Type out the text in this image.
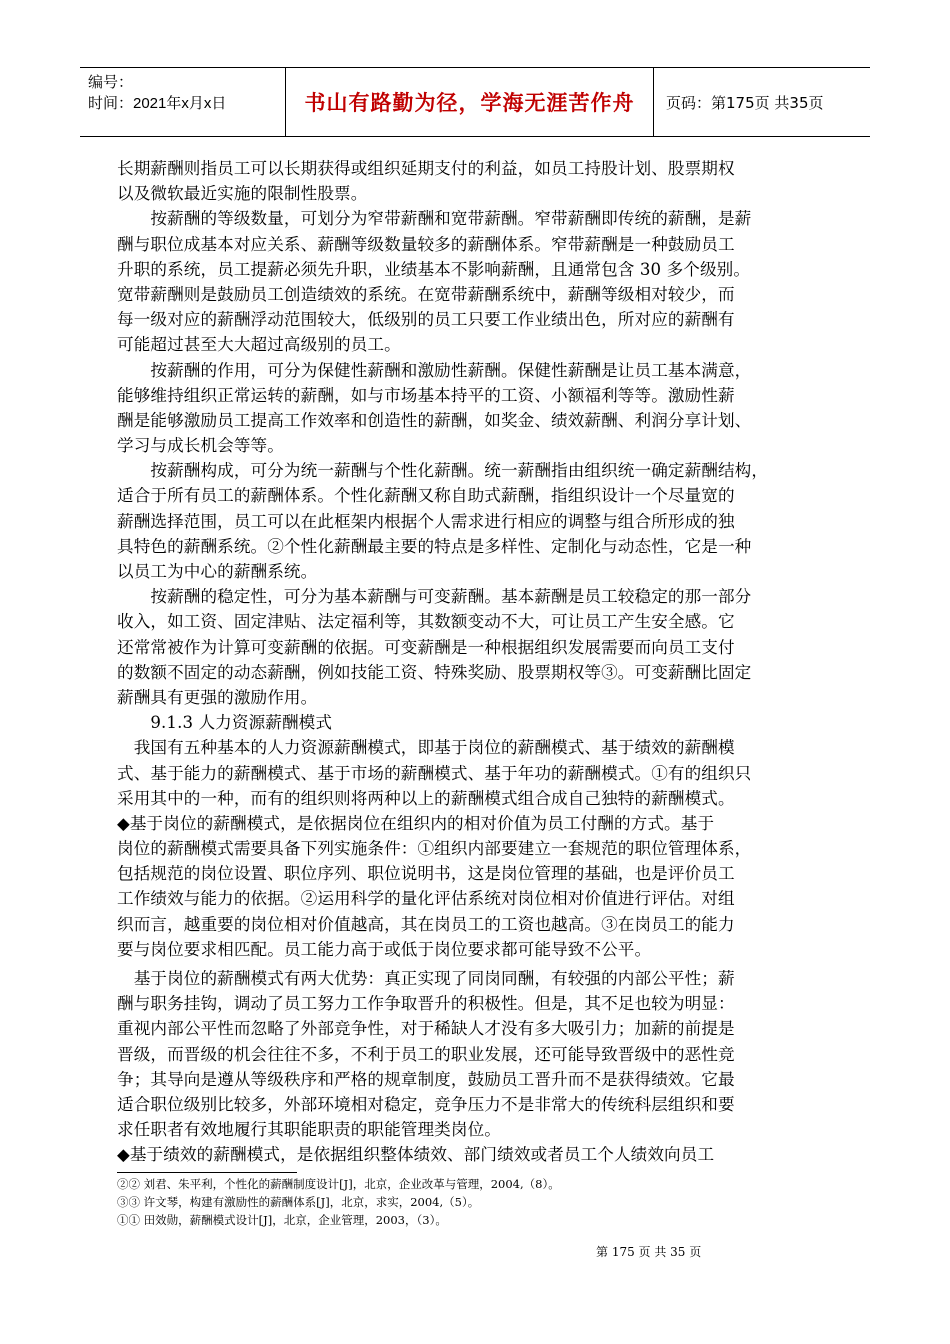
编号：
时间：2021年x月x日	书山有路勤为径，学海无涯苦作舟	页码：第175页 共35页
长期薪酬则指员工可以长期获得或组织延期支付的利益，如员工持股计划、股票期权
以及微软最近实施的限制性股票。
　　按薪酬的等级数量，可划分为窄带薪酬和宽带薪酬。窄带薪酬即传统的薪酬，是薪
酬与职位成基本对应关系、薪酬等级数量较多的薪酬体系。窄带薪酬是一种鼓励员工
升职的系统，员工提薪必须先升职，业绩基本不影响薪酬，且通常包含 30 多个级别。
宽带薪酬则是鼓励员工创造绩效的系统。在宽带薪酬系统中，薪酬等级相对较少，而
每一级对应的薪酬浮动范围较大，低级别的员工只要工作业绩出色，所对应的薪酬有
可能超过甚至大大超过高级别的员工。
　　按薪酬的作用，可分为保健性薪酬和激励性薪酬。保健性薪酬是让员工基本满意，
能够维持组织正常运转的薪酬，如与市场基本持平的工资、小额福利等等。激励性薪
酬是能够激励员工提高工作效率和创造性的薪酬，如奖金、绩效薪酬、利润分享计划、
学习与成长机会等等。
　　按薪酬构成，可分为统一薪酬与个性化薪酬。统一薪酬指由组织统一确定薪酬结构，
适合于所有员工的薪酬体系。个性化薪酬又称自助式薪酬，指组织设计一个尽量宽的
薪酬选择范围，员工可以在此框架内根据个人需求进行相应的调整与组合所形成的独
具特色的薪酬系统。②个性化薪酬最主要的特点是多样性、定制化与动态性，它是一种
以员工为中心的薪酬系统。
　　按薪酬的稳定性，可分为基本薪酬与可变薪酬。基本薪酬是员工较稳定的那一部分
收入，如工资、固定津贴、法定福利等，其数额变动不大，可让员工产生安全感。它
还常常被作为计算可变薪酬的依据。可变薪酬是一种根据组织发展需要而向员工支付
的数额不固定的动态薪酬，例如技能工资、特殊奖励、股票期权等③。可变薪酬比固定
薪酬具有更强的激励作用。
　　9.1.3 人力资源薪酬模式
　我国有五种基本的人力资源薪酬模式，即基于岗位的薪酬模式、基于绩效的薪酬模
式、基于能力的薪酬模式、基于市场的薪酬模式、基于年功的薪酬模式。①有的组织只
采用其中的一种，而有的组织则将两种以上的薪酬模式组合成自己独特的薪酬模式。
◆基于岗位的薪酬模式，是依据岗位在组织内的相对价值为员工付酬的方式。基于
岗位的薪酬模式需要具备下列实施条件：①组织内部要建立一套规范的职位管理体系，
包括规范的岗位设置、职位序列、职位说明书，这是岗位管理的基础，也是评价员工
工作绩效与能力的依据。②运用科学的量化评估系统对岗位相对价值进行评估。对组
织而言，越重要的岗位相对价值越高，其在岗员工的工资也越高。③在岗员工的能力
要与岗位要求相匹配。员工能力高于或低于岗位要求都可能导致不公平。
　基于岗位的薪酬模式有两大优势：真正实现了同岗同酬，有较强的内部公平性；薪
酬与职务挂钩，调动了员工努力工作争取晋升的积极性。但是，其不足也较为明显：
重视内部公平性而忽略了外部竞争性，对于稀缺人才没有多大吸引力；加薪的前提是
晋级，而晋级的机会往往不多，不利于员工的职业发展，还可能导致晋级中的恶性竞
争；其导向是遵从等级秩序和严格的规章制度，鼓励员工晋升而不是获得绩效。它最
适合职位级别比较多，外部环境相对稳定，竞争压力不是非常大的传统科层组织和要
求任职者有效地履行其职能职责的职能管理类岗位。
◆基于绩效的薪酬模式，是依据组织整体绩效、部门绩效或者员工个人绩效向员工
②② 刘君、朱平利，个性化的薪酬制度设计[J]，北京，企业改革与管理，2004,（8）。
③③ 许文琴，构建有激励性的薪酬体系[J]，北京，求实，2004,（5）。
①① 田效勋，薪酬模式设计[J]，北京，企业管理，2003，（3）。
第 175 页 共 35 页
